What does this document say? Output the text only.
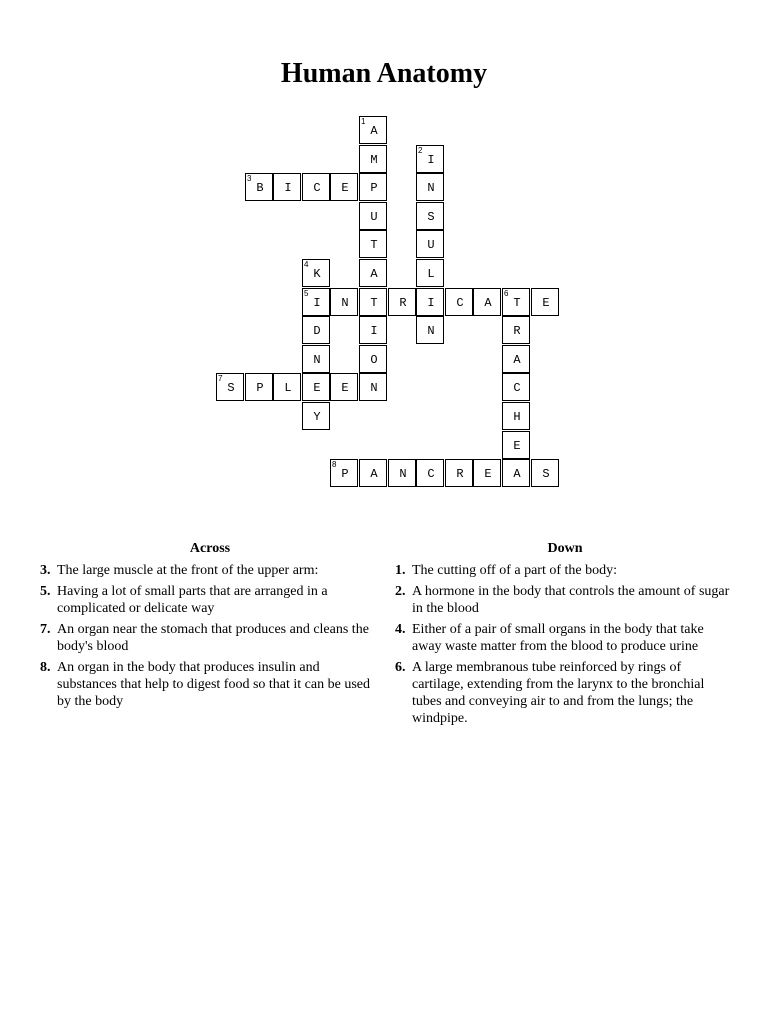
Human Anatomy
A
1
M
P
U
T
A
T
I
O
N
I
2
N
S
U
L
I
N
B
3
I	C	E
K
4
I
5
D
N
E
Y
N	R	C	A	T
6
E
R
A
C
H
E
A
S
7
P	L	E
P
8
A	N	C	R	E	S
Across
3. The large muscle at the front of the upper arm:
5. Having a lot of small parts that are arranged in a complicated or delicate way
7. An organ near the stomach that produces and cleans the body's blood
8. An organ in the body that produces insulin and substances that help to digest food so that it can be used by the body
Down
1. The cutting off of a part of the body:
2. A hormone in the body that controls the amount of sugar in the blood
4. Either of a pair of small organs in the body that take away waste matter from the blood to produce urine
6. A large membranous tube reinforced by rings of cartilage, extending from the larynx to the bronchial tubes and conveying air to and from the lungs; the windpipe.
